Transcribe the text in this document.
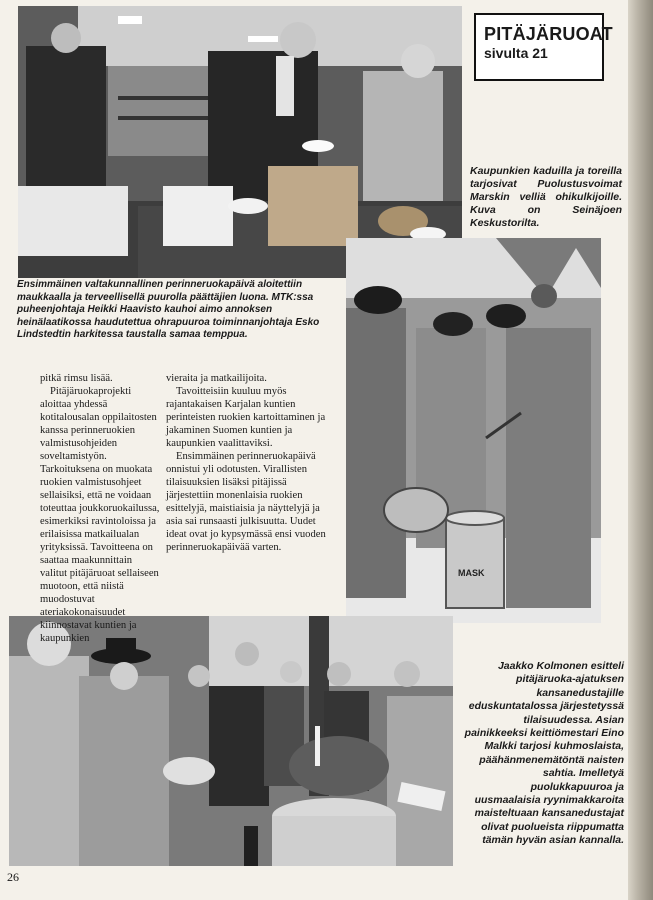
MASK
PITÄJÄRUOAT
sivulta 21
Kaupunkien kaduilla ja toreilla tarjosivat Puolustusvoimat Marskin velliä ohikulkijoille. Kuva on Seinäjoen Keskustorilta.
Ensimmäinen valtakunnallinen perinneruokapäivä aloitettiin maukkaalla ja terveellisellä puurolla päättäjien luona. MTK:ssa puheenjohtaja Heikki Haavisto kauhoi aimo annoksen heinälaatikossa haudutettua ohrapuuroa toiminnanjohtaja Esko Lindstedtin harkitessa taustalla samaa temppua.
Jaakko Kolmonen esitteli pitäjäruoka-ajatuksen kansanedustajille eduskuntatalossa järjestetyssä tilaisuudessa. Asian painikkeeksi keittiömestari Eino Malkki tarjosi kuhmoslaista, päähänmenemätöntä naisten sahtia. Imelletyä puolukkapuuroa ja uusmaalaisia ryynimakkaroita maisteltuaan kansanedustajat olivat puolueista riippumatta tämän hyvän asian kannalla.

pitkä rimsu lisää.

Pitäjäruokaprojekti aloittaa yhdessä kotitalousalan oppilaitosten kanssa perinneruokien valmistusohjeiden soveltamistyön. Tarkoituksena on muokata ruokien valmistusohjeet sellaisiksi, että ne voidaan toteuttaa joukkoruokailussa, esimerkiksi ravintoloissa ja erilaisissa matkailualan yrityksissä. Tavoitteena on saattaa maakunnittain valitut pitäjäruoat sellaiseen muotoon, että niistä muodostuvat ateriakokonaisuudet kiinnostavat kuntien ja kaupunkien

vieraita ja matkailijoita.

Tavoitteisiin kuuluu myös rajantakaisen Karjalan kuntien perinteisten ruokien kartoittaminen ja jakaminen Suomen kuntien ja kaupunkien vaalittaviksi.

Ensimmäinen perinneruokapäivä onnistui yli odotusten. Virallisten tilaisuuksien lisäksi pitäjissä järjestettiin monenlaisia ruokien esittelyjä, maistiaisia ja näyttelyjä ja asia sai runsaasti julkisuutta. Uudet ideat ovat jo kypsymässä ensi vuoden perinneruokapäivää varten.

26
